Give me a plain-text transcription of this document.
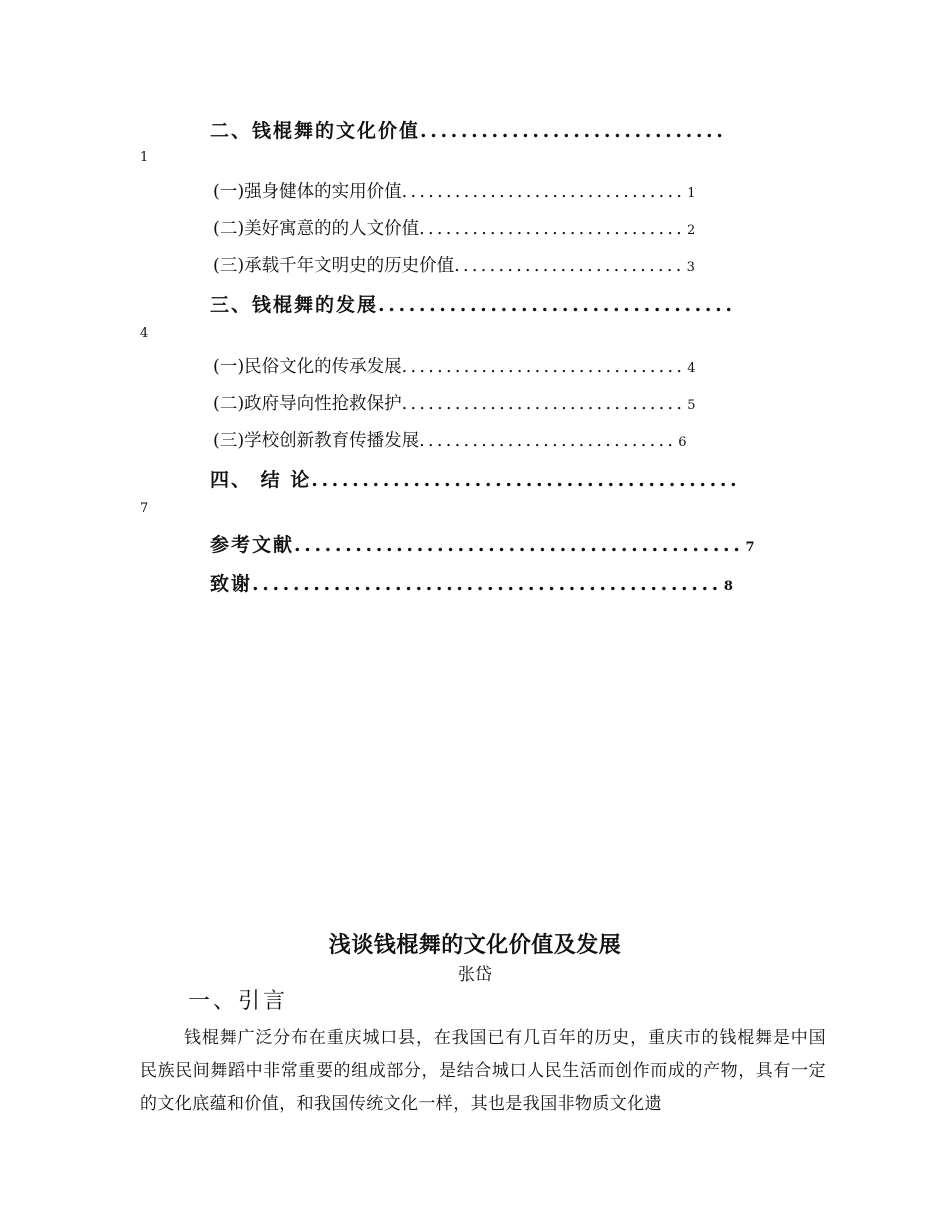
二、钱棍舞的文化价值..............................
1
(一)强身健体的实用价值................................ 1
(二)美好寓意的的人文价值.............................. 2
(三)承载千年文明史的历史价值.......................... 3
三、钱棍舞的发展...................................
4
(一)民俗文化的传承发展................................ 4
(二)政府导向性抢救保护................................ 5
(三)学校创新教育传播发展............................. 6
四、 结 论..........................................
7
参考文献............................................ 7
致谢.............................................. 8
浅谈钱棍舞的文化价值及发展
张岱
一、引言
钱棍舞广泛分布在重庆城口县，在我国已有几百年的历史，重庆市的钱棍舞是中国民族民间舞蹈中非常重要的组成部分，是结合城口人民生活而创作而成的产物，具有一定的文化底蕴和价值，和我国传统文化一样，其也是我国非物质文化遗
